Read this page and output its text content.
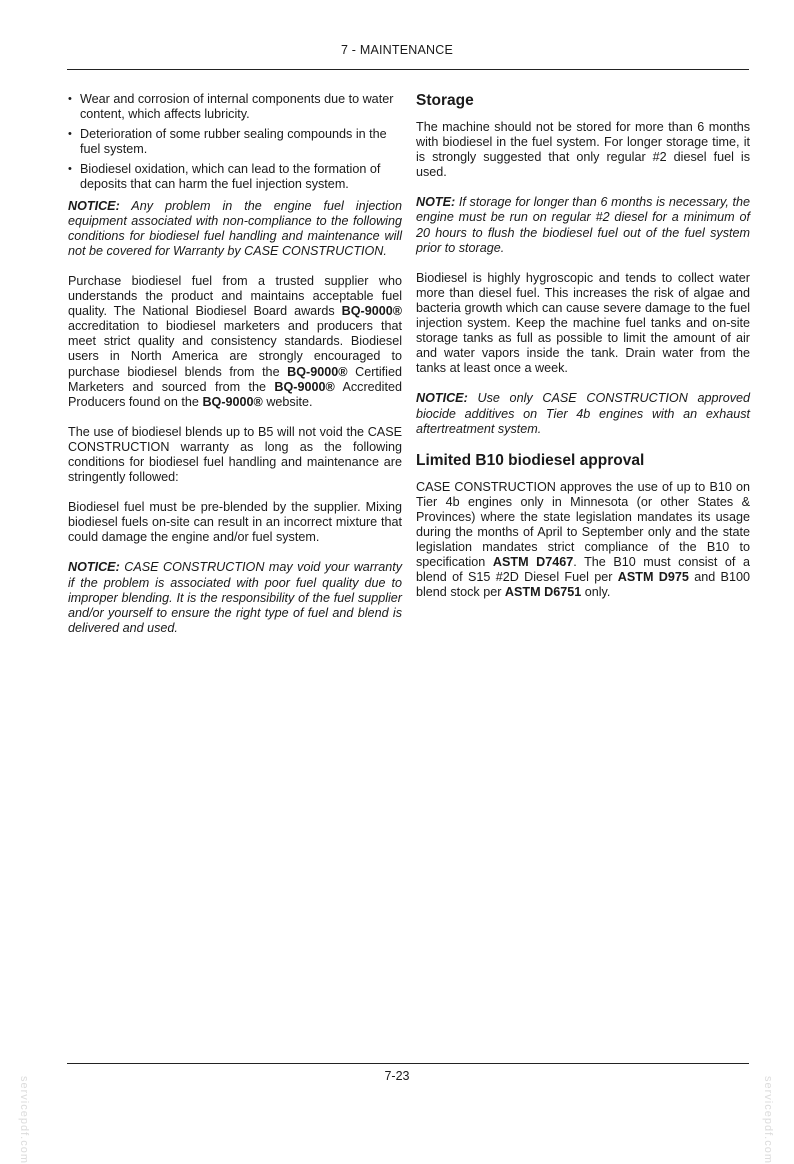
7 - MAINTENANCE
• Wear and corrosion of internal components due to water content, which affects lubricity.
• Deterioration of some rubber sealing compounds in the fuel system.
• Biodiesel oxidation, which can lead to the formation of deposits that can harm the fuel injection system.

NOTICE: Any problem in the engine fuel injection equipment associated with non-compliance to the following conditions for biodiesel fuel handling and maintenance will not be covered for Warranty by CASE CONSTRUCTION.

Purchase biodiesel fuel from a trusted supplier who understands the product and maintains acceptable fuel quality. The National Biodiesel Board awards BQ-9000® accreditation to biodiesel marketers and producers that meet strict quality and consistency standards. Biodiesel users in North America are strongly encouraged to purchase biodiesel blends from the BQ-9000® Certified Marketers and sourced from the BQ-9000® Accredited Producers found on the BQ-9000® website.

The use of biodiesel blends up to B5 will not void the CASE CONSTRUCTION warranty as long as the following conditions for biodiesel fuel handling and maintenance are stringently followed:

Biodiesel fuel must be pre-blended by the supplier. Mixing biodiesel fuels on-site can result in an incorrect mixture that could damage the engine and/or fuel system.

NOTICE: CASE CONSTRUCTION may void your warranty if the problem is associated with poor fuel quality due to improper blending. It is the responsibility of the fuel supplier and/or yourself to ensure the right type of fuel and blend is delivered and used.

Storage

The machine should not be stored for more than 6 months with biodiesel in the fuel system. For longer storage time, it is strongly suggested that only regular #2 diesel fuel is used.

NOTE: If storage for longer than 6 months is necessary, the engine must be run on regular #2 diesel for a minimum of 20 hours to flush the biodiesel fuel out of the fuel system prior to storage.

Biodiesel is highly hygroscopic and tends to collect water more than diesel fuel. This increases the risk of algae and bacteria growth which can cause severe damage to the fuel injection system. Keep the machine fuel tanks and on-site storage tanks as full as possible to limit the amount of air and water vapors inside the tank. Drain water from the tanks at least once a week.

NOTICE: Use only CASE CONSTRUCTION approved biocide additives on Tier 4b engines with an exhaust aftertreatment system.

Limited B10 biodiesel approval

CASE CONSTRUCTION approves the use of up to B10 on Tier 4b engines only in Minnesota (or other States & Provinces) where the state legislation mandates its usage during the months of April to September only and the state legislation mandates strict compliance of the B10 to specification ASTM D7467. The B10 must consist of a blend of S15 #2D Diesel Fuel per ASTM D975 and B100 blend stock per ASTM D6751 only.

servicepdf.com	servicepdf.com
7-23
